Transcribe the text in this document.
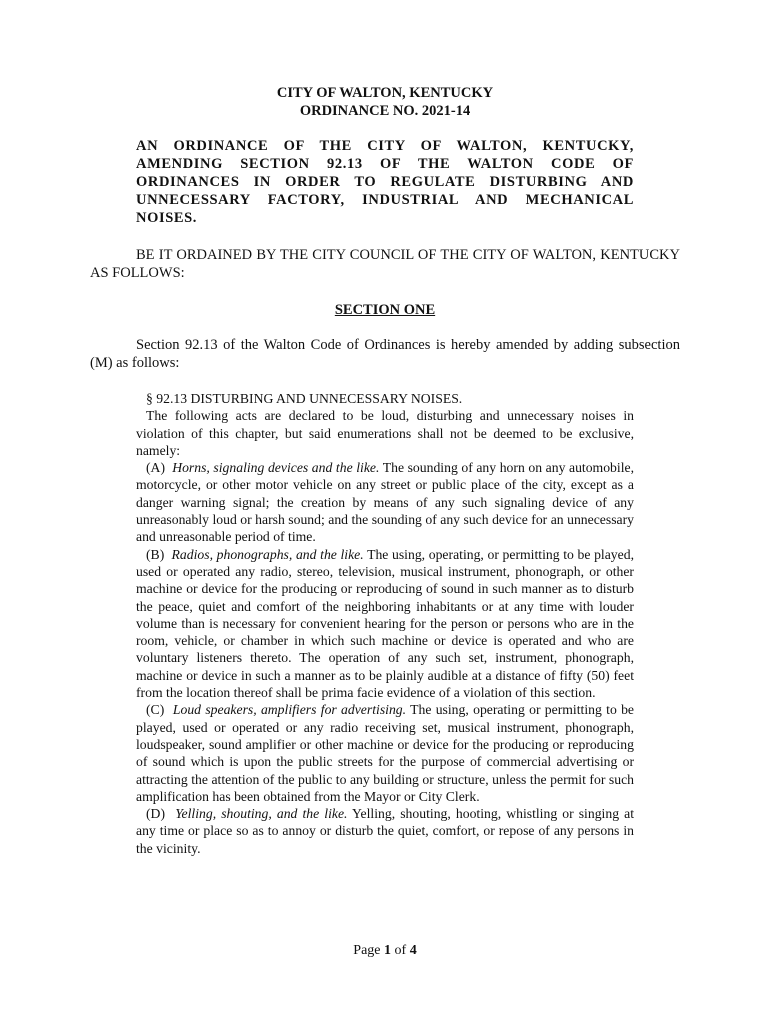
CITY OF WALTON, KENTUCKY
ORDINANCE NO. 2021-14
AN ORDINANCE OF THE CITY OF WALTON, KENTUCKY, AMENDING SECTION 92.13 OF THE WALTON CODE OF ORDINANCES IN ORDER TO REGULATE DISTURBING AND UNNECESSARY FACTORY, INDUSTRIAL AND MECHANICAL NOISES.
BE IT ORDAINED BY THE CITY COUNCIL OF THE CITY OF WALTON, KENTUCKY AS FOLLOWS:
SECTION ONE
Section 92.13 of the Walton Code of Ordinances is hereby amended by adding subsection (M) as follows:

§ 92.13 DISTURBING AND UNNECESSARY NOISES.

The following acts are declared to be loud, disturbing and unnecessary noises in violation of this chapter, but said enumerations shall not be deemed to be exclusive, namely:

(A) Horns, signaling devices and the like. The sounding of any horn on any automobile, motorcycle, or other motor vehicle on any street or public place of the city, except as a danger warning signal; the creation by means of any such signaling device of any unreasonably loud or harsh sound; and the sounding of any such device for an unnecessary and unreasonable period of time.

(B) Radios, phonographs, and the like. The using, operating, or permitting to be played, used or operated any radio, stereo, television, musical instrument, phonograph, or other machine or device for the producing or reproducing of sound in such manner as to disturb the peace, quiet and comfort of the neighboring inhabitants or at any time with louder volume than is necessary for convenient hearing for the person or persons who are in the room, vehicle, or chamber in which such machine or device is operated and who are voluntary listeners thereto. The operation of any such set, instrument, phonograph, machine or device in such a manner as to be plainly audible at a distance of fifty (50) feet from the location thereof shall be prima facie evidence of a violation of this section.

(C) Loud speakers, amplifiers for advertising. The using, operating or permitting to be played, used or operated or any radio receiving set, musical instrument, phonograph, loudspeaker, sound amplifier or other machine or device for the producing or reproducing of sound which is upon the public streets for the purpose of commercial advertising or attracting the attention of the public to any building or structure, unless the permit for such amplification has been obtained from the Mayor or City Clerk.

(D) Yelling, shouting, and the like. Yelling, shouting, hooting, whistling or singing at any time or place so as to annoy or disturb the quiet, comfort, or repose of any persons in the vicinity.

Page 1 of 4
